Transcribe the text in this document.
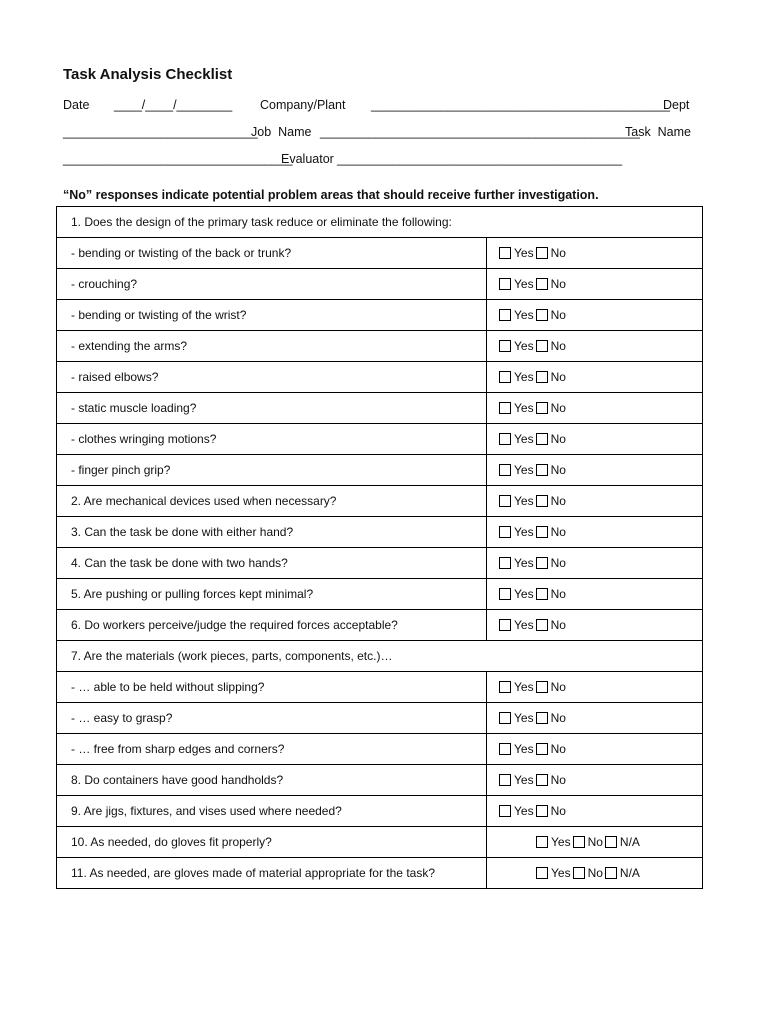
Task Analysis Checklist
Date ____/____/________ Company/Plant ___________________________________________
Dept
____________________________
Job  Name ______________________________________________
Task  Name
_________________________________
Evaluator _________________________________________
“No” responses indicate potential problem areas that should receive further investigation.
1. Does the design of the primary task reduce or eliminate the following:	
- bending or twisting of the back or trunk?	Yes No
- crouching?	Yes No
- bending or twisting of the wrist?	Yes No
- extending the arms?	Yes No
- raised elbows?	Yes No
- static muscle loading?	Yes No
- clothes wringing motions?	Yes No
- finger pinch grip?	Yes No
2. Are mechanical devices used when necessary?	Yes No
3. Can the task be done with either hand?	Yes No
4. Can the task be done with two hands?	Yes No
5. Are pushing or pulling forces kept minimal?	Yes No
6. Do workers perceive/judge the required forces acceptable?	Yes No
7. Are the materials (work pieces, parts, components, etc.)…	
- … able to be held without slipping?	Yes No
- … easy to grasp?	Yes No
- … free from sharp edges and corners?	Yes No
8. Do containers have good handholds?	Yes No
9. Are jigs, fixtures, and vises used where needed?	Yes No
10. As needed, do gloves fit properly?	Yes No N/A
11. As needed, are gloves made of material appropriate for the task?	Yes No N/A
